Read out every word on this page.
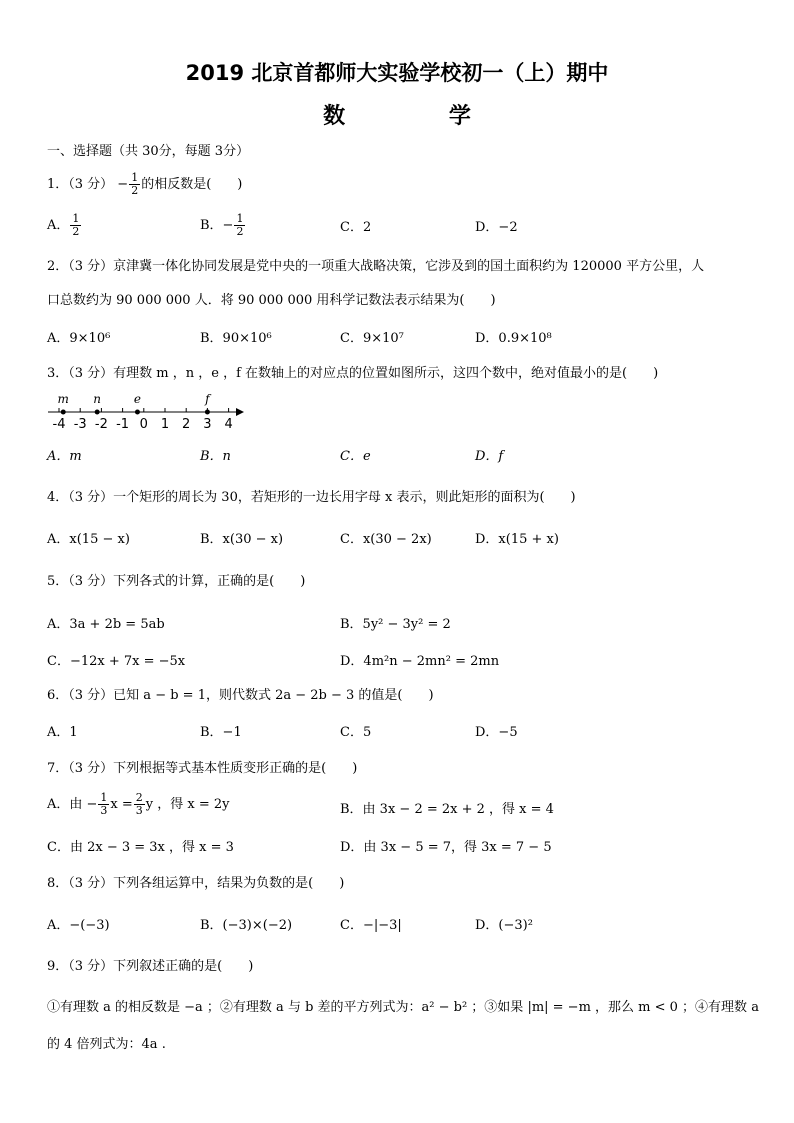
2019 北京首都师大实验学校初一（上）期中
数 学
一、选择题（共 30分，每题 3分）
1．（3 分） − $\frac{1}{2}$ 的相反数是(　　)
A． $\frac{1}{2}$	B．− $\frac{1}{2}$	C．2	D．−2
2．（3 分）京津冀一体化协同发展是党中央的一项重大战略决策，它涉及到的国土面积约为 120000 平方公里，人
口总数约为 90 000 000 人．将 90 000 000 用科学记数法表示结果为(　　)
A．9×10⁶	B．90×10⁶	C．9×10⁷	D．0.9×10⁸
3．（3 分）有理数 m ，n ，e ，f 在数轴上的对应点的位置如图所示，这四个数中，绝对值最小的是(　　)
-4 -3 -2 -1 0 1 2 3 4
m n	e	f
A．m	B．n	C．e	D．f
4．（3 分）一个矩形的周长为 30，若矩形的一边长用字母 x 表示，则此矩形的面积为(　　)
A．x(15 − x)	B．x(30 − x)	C．x(30 − 2x)	D．x(15 + x)
5．（3 分）下列各式的计算，正确的是(　　)
A．3a + 2b = 5ab	B．5y² − 3y² = 2
C．−12x + 7x = −5x	D．4m²n − 2mn² = 2mn
6．（3 分）已知 a − b = 1，则代数式 2a − 2b − 3 的值是(　　)
A．1	B．−1	C．5	D．−5
7．（3 分）下列根据等式基本性质变形正确的是(　　)
A．由 − $\frac{1}{3}$ $x = \frac{2}{3}$ y ，得 x = 2y	B．由 3x − 2 = 2x + 2 ，得 x = 4
C．由 2x − 3 = 3x ，得 x = 3	D．由 3x − 5 = 7，得 3x = 7 − 5
8．（3 分）下列各组运算中，结果为负数的是(　　)
A．−(−3)	B．(−3)×(−2)	C．−|−3|	D．(−3)²
9．（3 分）下列叙述正确的是(　　)
①有理数 a 的相反数是 −a ；②有理数 a 与 b 差的平方列式为：a² − b² ；③如果 |m| = −m ，那么 m < 0 ；④有理数 a
的 4 倍列式为：4a .
